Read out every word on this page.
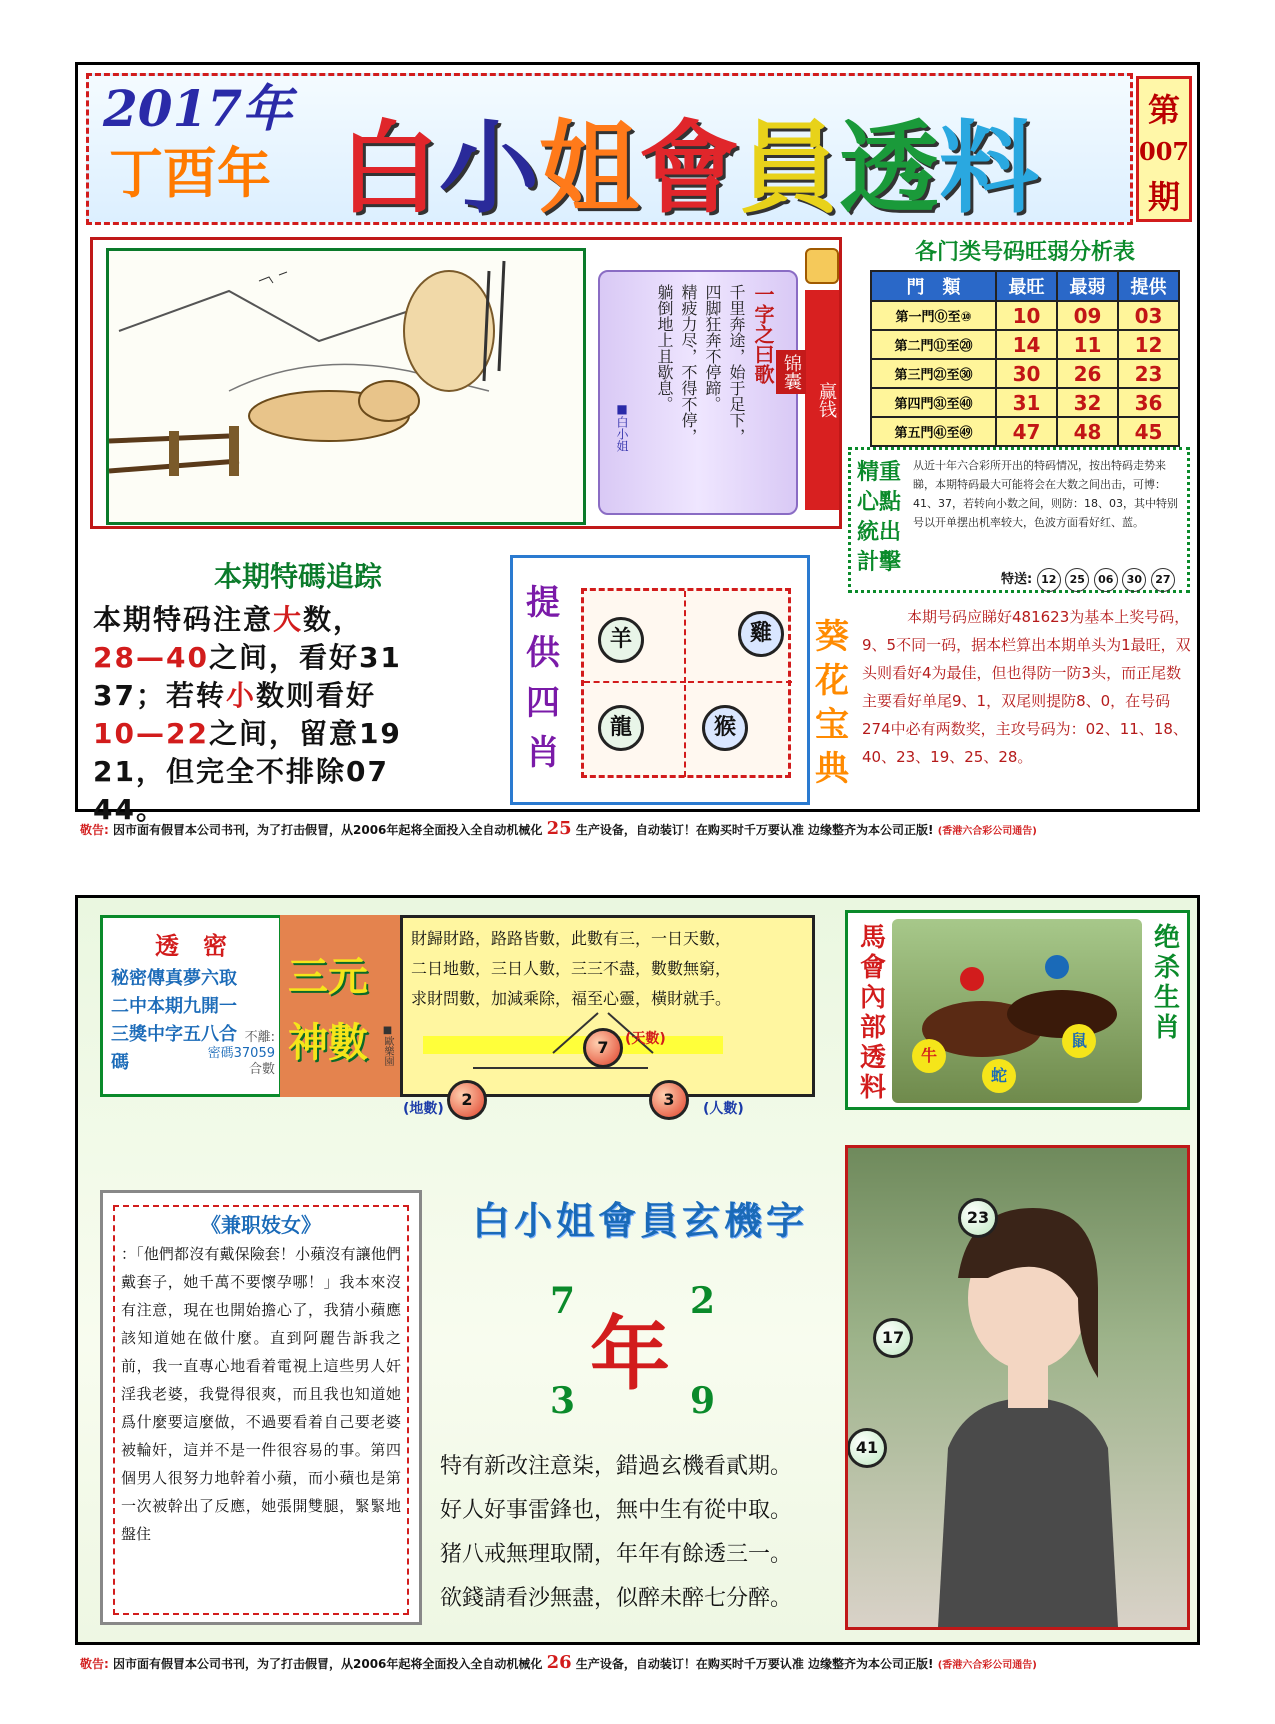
2017年
丁酉年 白小姐會員透料	第
007
期
一字之曰歌
千里奔途，始于足下，
四脚狂奔不停蹄。
精疲力尽，不得不停，
躺倒地上且歇息。
■白小姐
赢钱
锦囊
各门类号码旺弱分析表
門　類	最旺	最弱	提供
第一門⓪至⑩	10	09	03
第二門⑪至⑳	14	11	12
第三門㉑至㉚	30	26	23
第四門㉛至㊵	31	32	36
第五門㊶至㊾	47	48	45
精重心點統出計擊
从近十年六合彩所开出的特码情况，按出特码走势来睇，本期特码最大可能将会在大数之间出击，可博：41、37，若转向小数之间，则防：18、03，其中特别号以开单摆出机率较大，色波方面看好红、蓝。
特送: 12 25 06 30 27
本期特碼追踪
本期特码注意大数，
28—40之间，看好31
37；若转小数则看好
10—22之间，留意19
21，但完全不排除07
44。
提供四肖
羊	雞
龍	猴
葵花宝典
本期号码应睇好481623为基本上奖号码，9、5不同一码，据本栏算出本期单头为1最旺，双头则看好4为最佳，但也得防一防3头，而正尾数主要看好单尾9、1，双尾则提防8、0，在号码274中必有两数奖，主攻号码为：02、11、18、40、23、19、25、28。
敬告: 因市面有假冒本公司书刊，为了打击假冒，从2006年起将全面投入全自动机械化 25 生产设备，自动装订！在购买时千万要认准 边缘整齐为本公司正版! (香港六合彩公司通告)
透　密
秘密傳真夢六取
二中本期九開一
三獎中字五八合
碼
不離:
密碼37059
合數
三元
神數 ■歐樂園
財歸財路，路路皆數，此數有三，一日天數，
二日地數，三日人數，三三不盡，數數無窮，
求財問數，加減乘除，福至心靈，橫財就手。
7	(天數)
2
(地數)	3	(人數)
馬會內部透料
牛
蛇
鼠
绝杀生肖
《兼职妓女》
：「他們都沒有戴保險套！小蘋沒有讓他們戴套子，她千萬不要懷孕哪！」我本來沒有注意，現在也開始擔心了，我猜小蘋應該知道她在做什麼。直到阿麗告訴我之前，我一直專心地看着電視上這些男人奸淫我老婆，我覺得很爽，而且我也知道她爲什麼要這麼做，不過要看着自己要老婆被輪奸，這并不是一件很容易的事。第四個男人很努力地幹着小蘋，而小蘋也是第一次被幹出了反應，她張開雙腿，緊緊地盤住
白小姐會員玄機字
7	2
年
3	9
特有新改注意柒，錯過玄機看貳期。
好人好事雷鋒也，無中生有從中取。
猪八戒無理取鬧，年年有餘透三一。
欲錢請看沙無盡，似醉未醉七分醉。
23
17
41
敬告: 因市面有假冒本公司书刊，为了打击假冒，从2006年起将全面投入全自动机械化 26 生产设备，自动装订！在购买时千万要认准 边缘整齐为本公司正版! (香港六合彩公司通告)
